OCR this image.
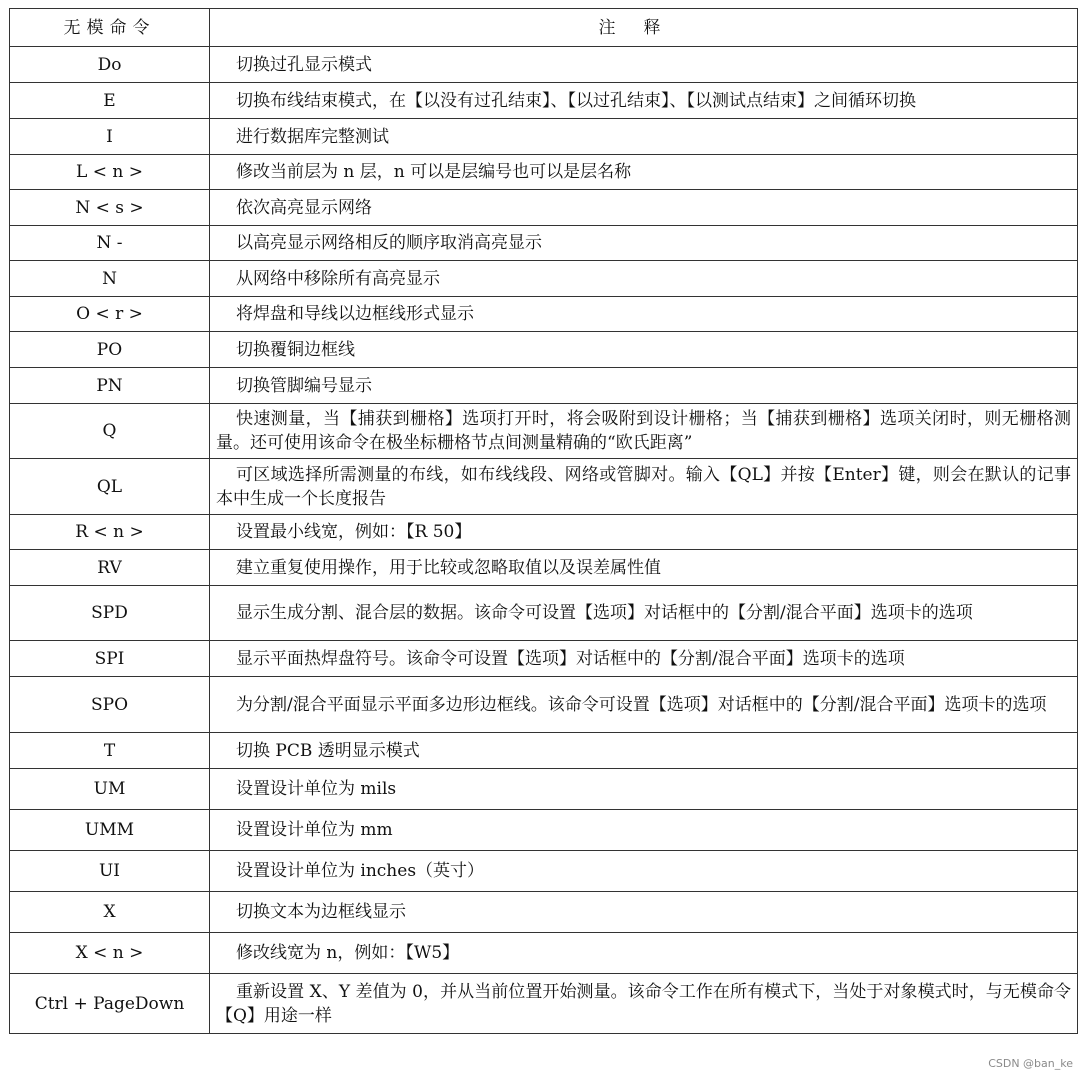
无模命令	注释
Do	切换过孔显示模式
E	切换布线结束模式，在【以没有过孔结束】、【以过孔结束】、【以测试点结束】之间循环切换
I	进行数据库完整测试
L < n >	修改当前层为 n 层，n 可以是层编号也可以是层名称
N < s >	依次高亮显示网络
N -	以高亮显示网络相反的顺序取消高亮显示
N	从网络中移除所有高亮显示
O < r >	将焊盘和导线以边框线形式显示
PO	切换覆铜边框线
PN	切换管脚编号显示
Q	快速测量，当【捕获到栅格】选项打开时，将会吸附到设计栅格；当【捕获到栅格】选项关闭时，则无栅格测量。还可使用该命令在极坐标栅格节点间测量精确的“欧氏距离”
QL	可区域选择所需测量的布线，如布线线段、网络或管脚对。输入【QL】并按【Enter】键，则会在默认的记事本中生成一个长度报告
R < n >	设置最小线宽，例如：【R 50】
RV	建立重复使用操作，用于比较或忽略取值以及误差属性值
SPD	显示生成分割、混合层的数据。该命令可设置【选项】对话框中的【分割/混合平面】选项卡的选项
SPI	显示平面热焊盘符号。该命令可设置【选项】对话框中的【分割/混合平面】选项卡的选项
SPO	为分割/混合平面显示平面多边形边框线。该命令可设置【选项】对话框中的【分割/混合平面】选项卡的选项
T	切换 PCB 透明显示模式
UM	设置设计单位为 mils
UMM	设置设计单位为 mm
UI	设置设计单位为 inches（英寸）
X	切换文本为边框线显示
X < n >	修改线宽为 n，例如：【W5】
Ctrl + PageDown	重新设置 X、Y 差值为 0，并从当前位置开始测量。该命令工作在所有模式下，当处于对象模式时，与无模命令【Q】用途一样
CSDN @ban_ke
